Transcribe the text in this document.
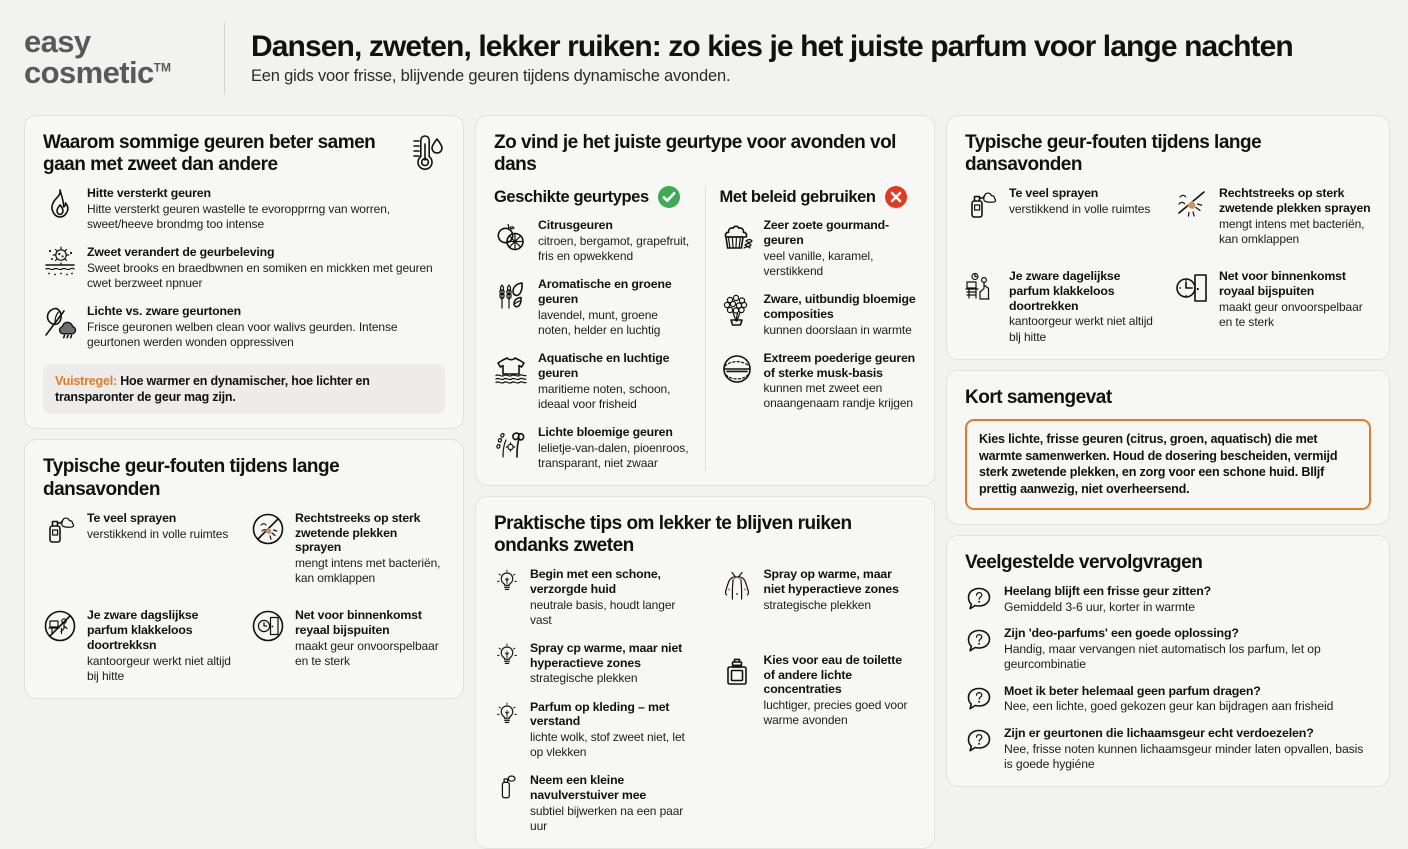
easy
cosmetic™
Dansen, zweten, lekker ruiken: zo kies je het juiste parfum voor lange nachten
Een gids voor frisse, blijvende geuren tijdens dynamische avonden.
Waarom sommige geuren beter samen gaan met zweet dan andere
Hitte versterkt geuren
Hitte versterkt geuren wastelle te evoropprrng van worren, sweet/heeve brondmg too intense
Zweet verandert de geurbeleving
Sweet brooks en braedbwnen en somiken en mickken met geuren cwet berzweet npnuer
Lichte vs. zware geurtonen
Frisce geuronen welben clean voor walivs geurden. Intense geurtonen werden wonden oppressiven
Vuistregel: Hoe warmer en dynamischer, hoe lichter en transparonter de geur mag zijn.
Typische geur-fouten tijdens lange dansavonden
Te veel sprayen
verstikkend in volle ruimtes
Rechtstreeks op sterk zwetende plekken sprayen
mengt intens met bacteriën, kan omklappen
Je zware dagslijkse parfum klakkeloos doortrekksn
kantoorgeur werkt niet altijd bij hitte
Net voor binnenkomst reyaal bijspuiten
maakt geur onvoorspelbaar en te sterk
Zo vind je het juiste geurtype voor avonden vol dans
Geschikte geurtypes
Citrusgeuren
citroen, bergamot, grapefruit, fris en opwekkend
Aromatische en groene geuren
lavendel, munt, groene noten, helder en luchtig
Aquatische en luchtige geuren
maritieme noten, schoon, ideaal voor frisheid
Lichte bloemige geuren
lelietje-van-dalen, pioenroos, transparant, niet zwaar
Met beleid gebruiken
Zeer zoete gourmand-geuren
veel vanille, karamel, verstikkend
Zware, uitbundig bloemige composities
kunnen doorslaan in warmte
Extreem poederige geuren of sterke musk-basis
kunnen met zweet een onaangenaam randje krijgen
Praktische tips om lekker te blijven ruiken ondanks zweten
Begin met een schone, verzorgde huid
neutrale basis, houdt langer vast
Spray cp warme, maar niet hyperactieve zones
strategische plekken
Parfum op kleding – met verstand
lichte wolk, stof zweet niet, let op vlekken
Neem een kleine navulverstuiver mee
subtiel bijwerken na een paar uur
Spray op warme, maar niet hyperactieve zones
strategische plekken
Kies voor eau de toilette of andere lichte concentraties
luchtiger, precies goed voor warme avonden
Typische geur-fouten tijdens lange dansavonden
Te veel sprayen
verstikkend in volle ruimtes
Rechtstreeks op sterk zwetende plekken sprayen
mengt intens met bacteriën, kan omklappen
Je zware dagelijkse parfum klakkeloos doortrekken
kantoorgeur werkt niet altijd blj hitte
Net voor binnenkomst royaal bijspuiten
maakt geur onvoorspelbaar en te sterk
Kort samengevat
Kies lichte, frisse geuren (citrus, groen, aquatisch) die met warmte samenwerken. Houd de dosering bescheiden, vermijd sterk zwetende plekken, en zorg voor een schone huid. Blljf prettig aanwezig, niet overheersend.
Veelgestelde vervolgvragen
Heelang blijft een frisse geur zitten?
Gemiddeld 3-6 uur, korter in warmte
Zijn 'deo-parfums' een goede oplossing?
Handig, maar vervangen niet automatisch los parfum, let op geurcombinatie
Moet ik beter helemaal geen parfum dragen?
Nee, een lichte, goed gekozen geur kan bijdragen aan frisheid
Zijn er geurtonen die lichaamsgeur echt verdoezelen?
Nee, frisse noten kunnen lichaamsgeur minder laten opvallen, basis is goede hygiéne
